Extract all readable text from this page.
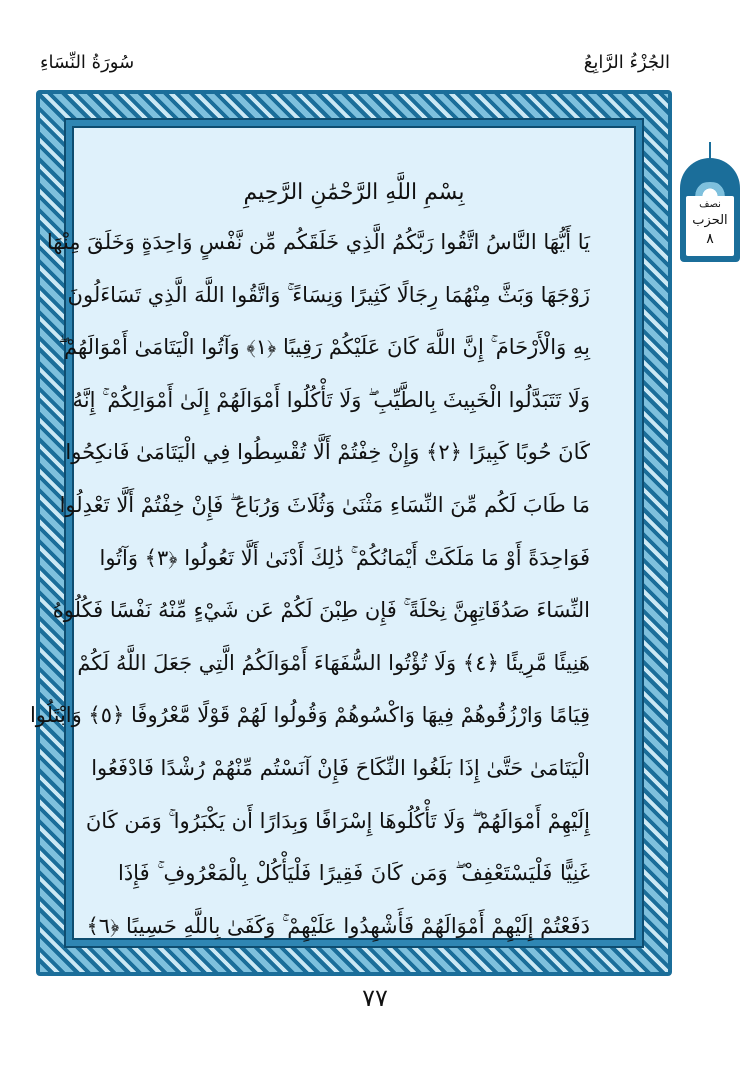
الجُزْءُ الرَّابِعُ
سُورَةُ النِّسَاءِ
بِسْمِ اللَّهِ الرَّحْمَٰنِ الرَّحِيمِ
يَا أَيُّهَا النَّاسُ اتَّقُوا رَبَّكُمُ الَّذِي خَلَقَكُم مِّن نَّفْسٍ وَاحِدَةٍ وَخَلَقَ مِنْهَا
زَوْجَهَا وَبَثَّ مِنْهُمَا رِجَالًا كَثِيرًا وَنِسَاءً ۚ وَاتَّقُوا اللَّهَ الَّذِي تَسَاءَلُونَ
بِهِ وَالْأَرْحَامَ ۚ إِنَّ اللَّهَ كَانَ عَلَيْكُمْ رَقِيبًا ﴿١﴾ وَآتُوا الْيَتَامَىٰ أَمْوَالَهُمْ ۖ
وَلَا تَتَبَدَّلُوا الْخَبِيثَ بِالطَّيِّبِ ۖ وَلَا تَأْكُلُوا أَمْوَالَهُمْ إِلَىٰ أَمْوَالِكُمْ ۚ إِنَّهُ
كَانَ حُوبًا كَبِيرًا ﴿٢﴾ وَإِنْ خِفْتُمْ أَلَّا تُقْسِطُوا فِي الْيَتَامَىٰ فَانكِحُوا
مَا طَابَ لَكُم مِّنَ النِّسَاءِ مَثْنَىٰ وَثُلَاثَ وَرُبَاعَ ۖ فَإِنْ خِفْتُمْ أَلَّا تَعْدِلُوا
فَوَاحِدَةً أَوْ مَا مَلَكَتْ أَيْمَانُكُمْ ۚ ذَٰلِكَ أَدْنَىٰ أَلَّا تَعُولُوا ﴿٣﴾ وَآتُوا
النِّسَاءَ صَدُقَاتِهِنَّ نِحْلَةً ۚ فَإِن طِبْنَ لَكُمْ عَن شَيْءٍ مِّنْهُ نَفْسًا فَكُلُوهُ
هَنِيئًا مَّرِيئًا ﴿٤﴾ وَلَا تُؤْتُوا السُّفَهَاءَ أَمْوَالَكُمُ الَّتِي جَعَلَ اللَّهُ لَكُمْ
قِيَامًا وَارْزُقُوهُمْ فِيهَا وَاكْسُوهُمْ وَقُولُوا لَهُمْ قَوْلًا مَّعْرُوفًا ﴿٥﴾ وَابْتَلُوا
الْيَتَامَىٰ حَتَّىٰ إِذَا بَلَغُوا النِّكَاحَ فَإِنْ آنَسْتُم مِّنْهُمْ رُشْدًا فَادْفَعُوا
إِلَيْهِمْ أَمْوَالَهُمْ ۖ وَلَا تَأْكُلُوهَا إِسْرَافًا وَبِدَارًا أَن يَكْبَرُوا ۚ وَمَن كَانَ
غَنِيًّا فَلْيَسْتَعْفِفْ ۖ وَمَن كَانَ فَقِيرًا فَلْيَأْكُلْ بِالْمَعْرُوفِ ۚ فَإِذَا
دَفَعْتُمْ إِلَيْهِمْ أَمْوَالَهُمْ فَأَشْهِدُوا عَلَيْهِمْ ۚ وَكَفَىٰ بِاللَّهِ حَسِيبًا ﴿٦﴾
نصف
الحزب
٨
٧٧
